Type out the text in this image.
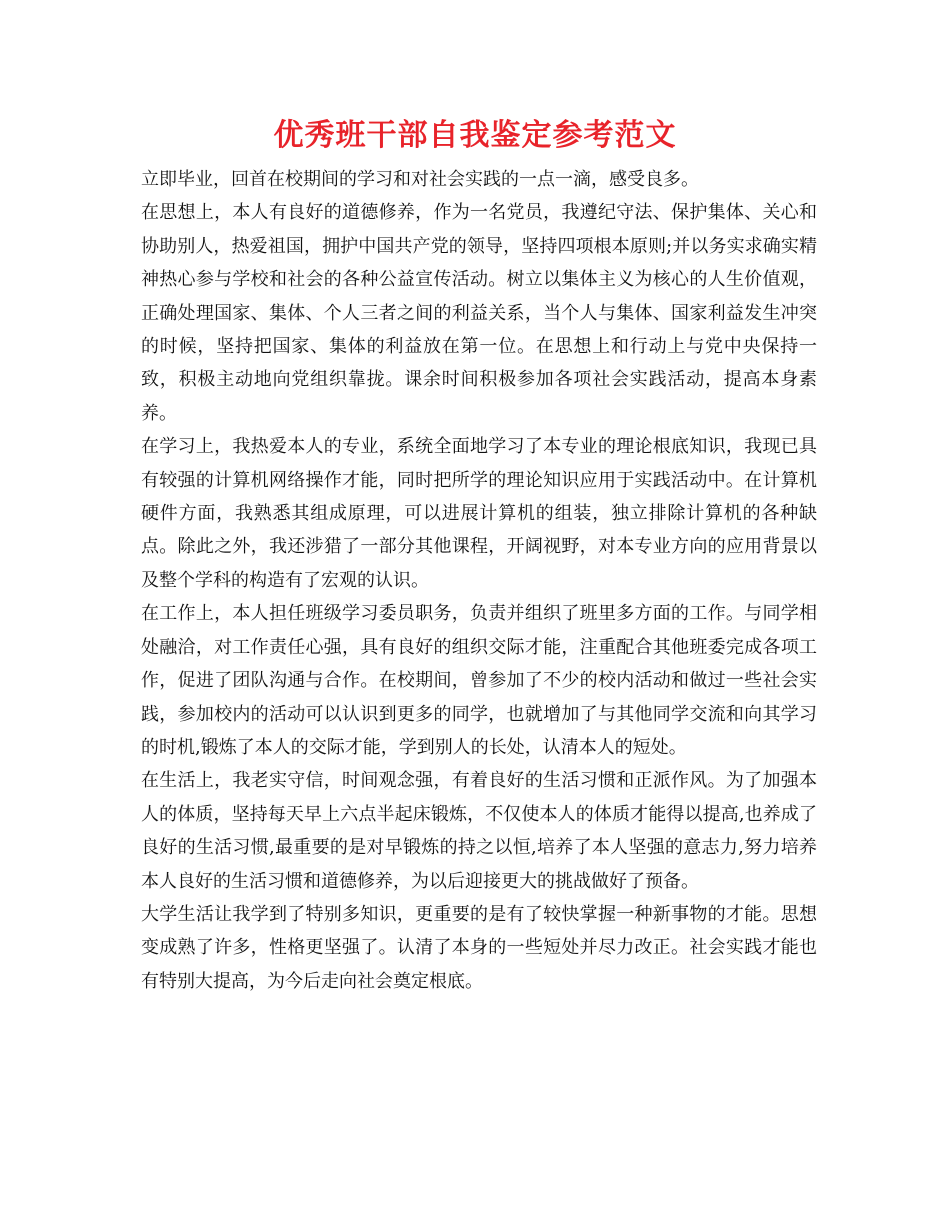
优秀班干部自我鉴定参考范文

立即毕业，回首在校期间的学习和对社会实践的一点一滴，感受良多。

在思想上，本人有良好的道德修养，作为一名党员，我遵纪守法、保护集体、关心和协助别人，热爱祖国，拥护中国共产党的领导，坚持四项根本原则;并以务实求确实精神热心参与学校和社会的各种公益宣传活动。树立以集体主义为核心的人生价值观，正确处理国家、集体、个人三者之间的利益关系，当个人与集体、国家利益发生冲突的时候，坚持把国家、集体的利益放在第一位。在思想上和行动上与党中央保持一致，积极主动地向党组织靠拢。课余时间积极参加各项社会实践活动，提高本身素养。

在学习上，我热爱本人的专业，系统全面地学习了本专业的理论根底知识，我现已具有较强的计算机网络操作才能，同时把所学的理论知识应用于实践活动中。在计算机硬件方面，我熟悉其组成原理，可以进展计算机的组装，独立排除计算机的各种缺点。除此之外，我还涉猎了一部分其他课程，开阔视野，对本专业方向的应用背景以及整个学科的构造有了宏观的认识。

在工作上，本人担任班级学习委员职务，负责并组织了班里多方面的工作。与同学相处融洽，对工作责任心强，具有良好的组织交际才能，注重配合其他班委完成各项工作，促进了团队沟通与合作。在校期间，曾参加了不少的校内活动和做过一些社会实践，参加校内的活动可以认识到更多的同学，也就增加了与其他同学交流和向其学习的时机,锻炼了本人的交际才能，学到别人的长处，认清本人的短处。

在生活上，我老实守信，时间观念强，有着良好的生活习惯和正派作风。为了加强本人的体质，坚持每天早上六点半起床锻炼，不仅使本人的体质才能得以提高,也养成了良好的生活习惯,最重要的是对早锻炼的持之以恒,培养了本人坚强的意志力,努力培养本人良好的生活习惯和道德修养，为以后迎接更大的挑战做好了预备。

大学生活让我学到了特别多知识，更重要的是有了较快掌握一种新事物的才能。思想变成熟了许多，性格更坚强了。认清了本身的一些短处并尽力改正。社会实践才能也有特别大提高，为今后走向社会奠定根底。
